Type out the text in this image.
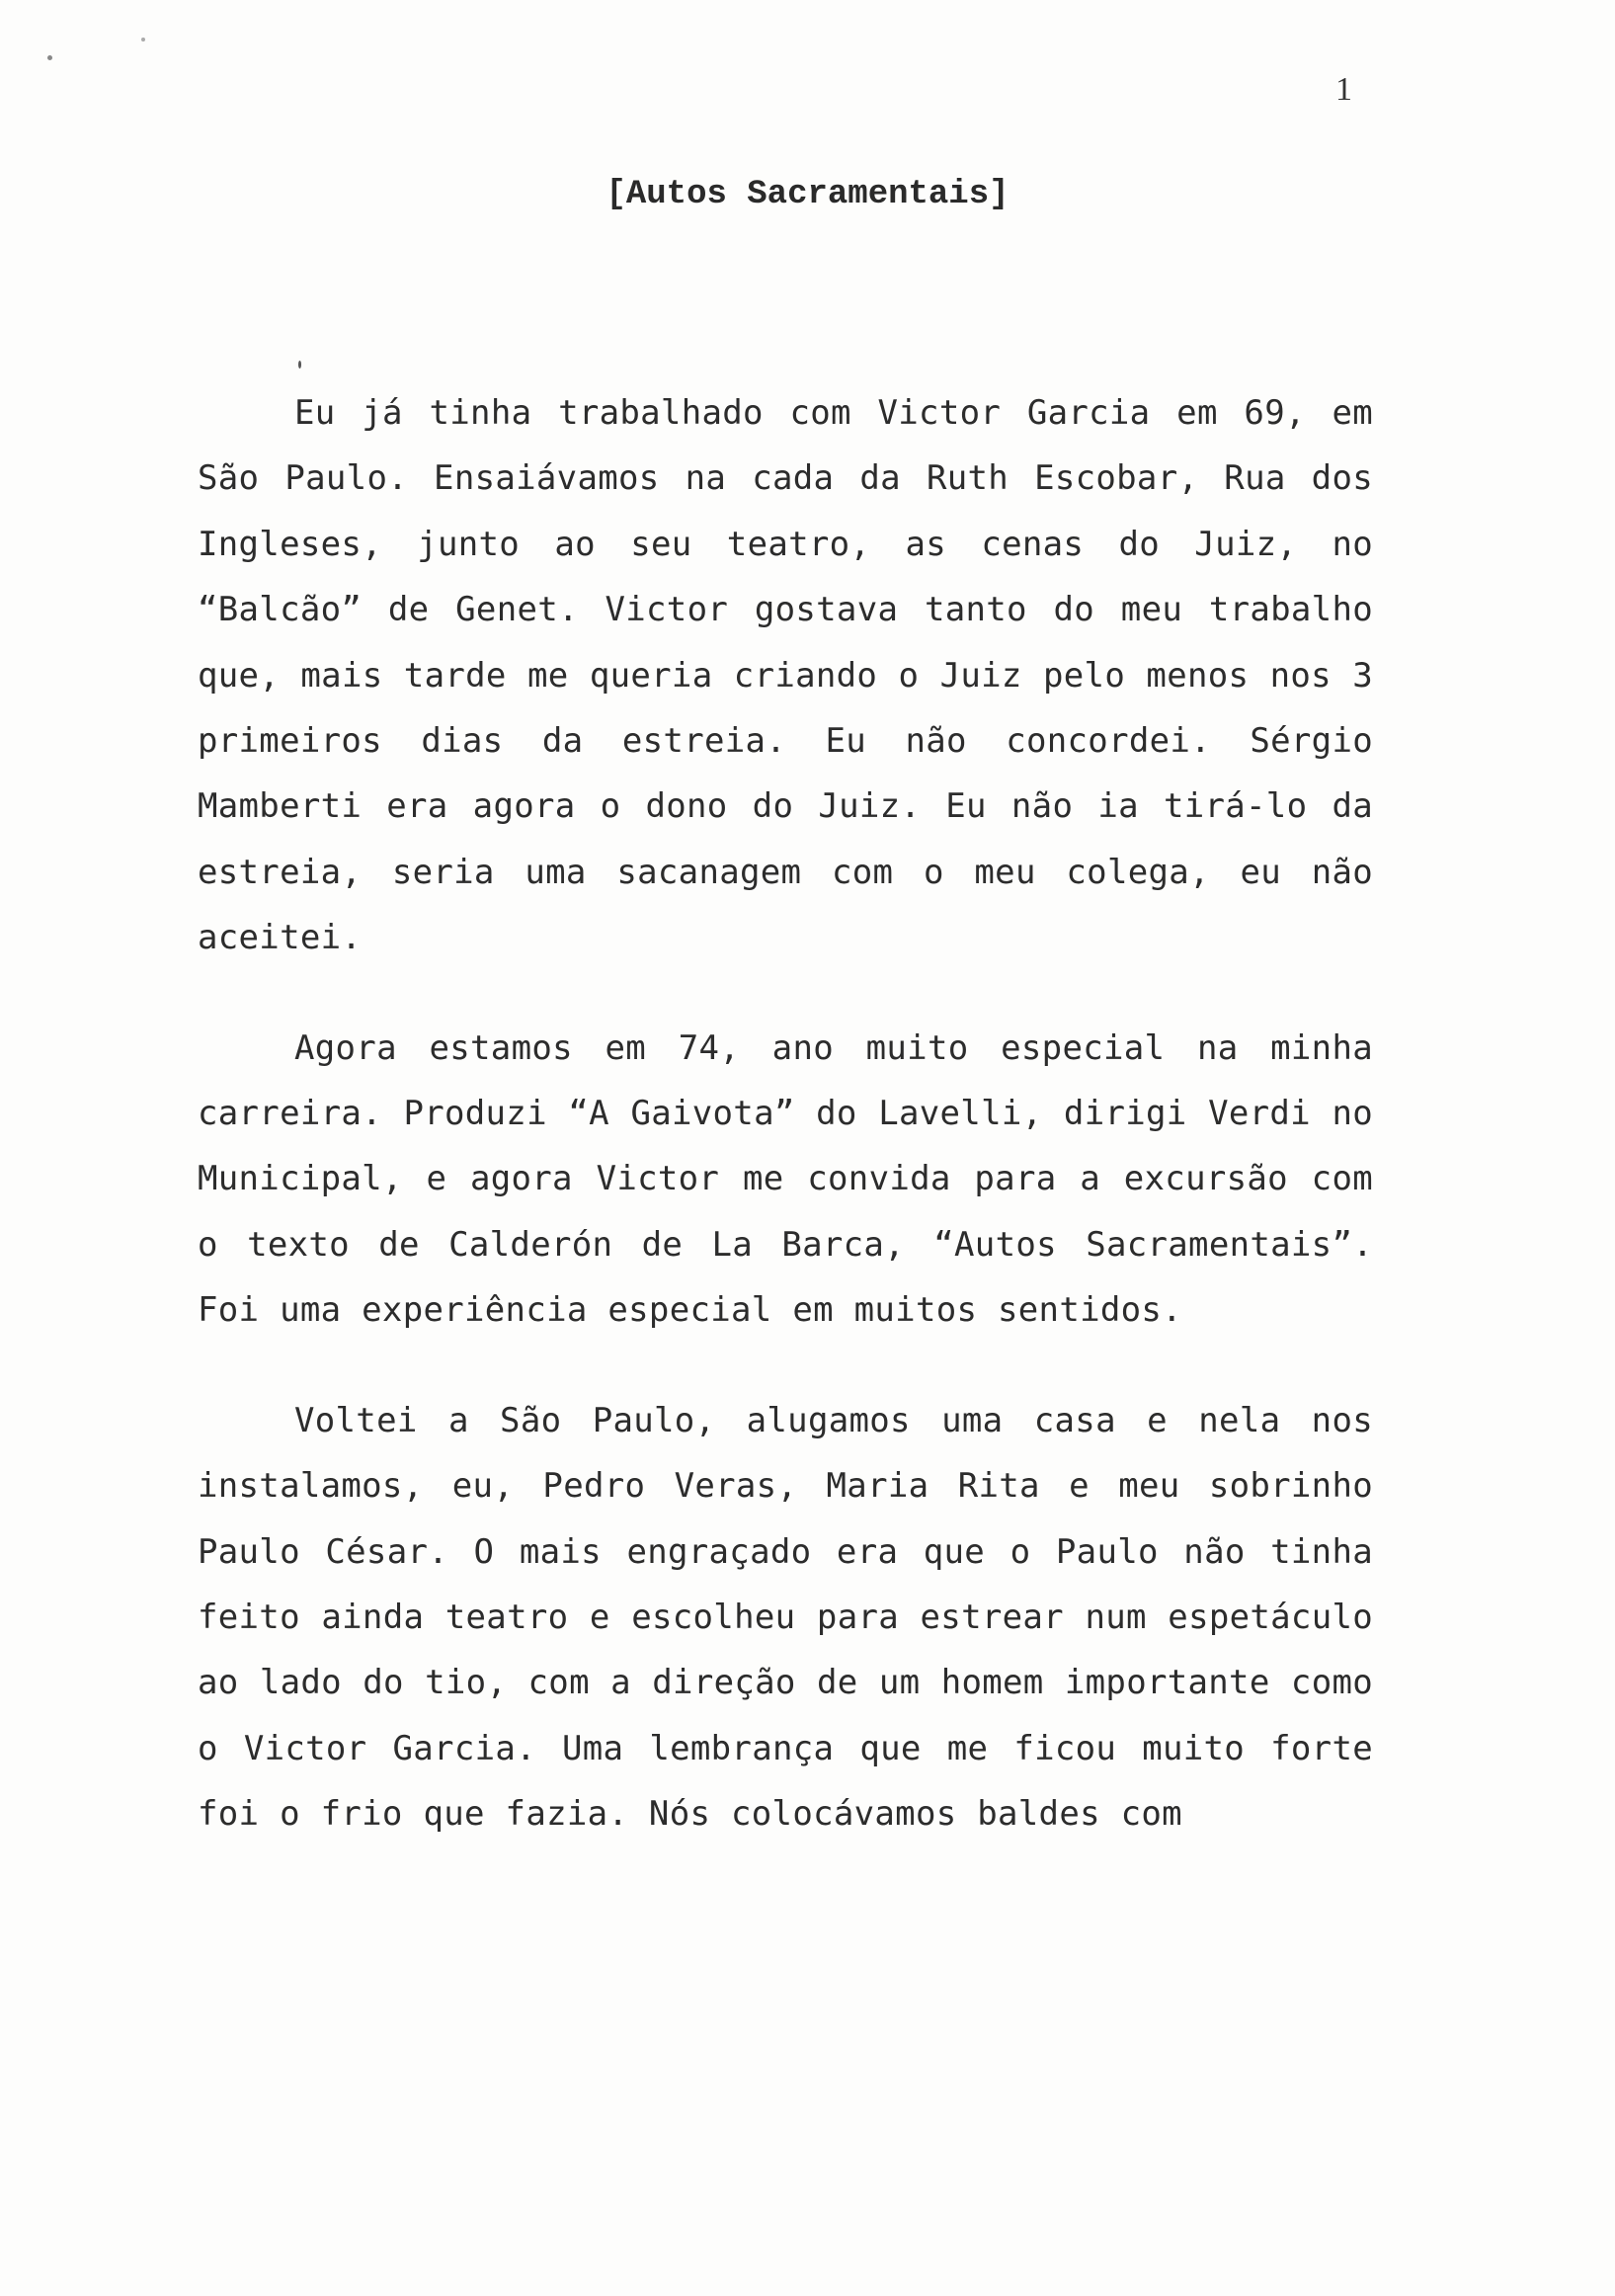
1
[Autos Sacramentais]

Eu já tinha trabalhado com Victor Garcia em 69, em São Paulo. Ensaiávamos na cada da Ruth Escobar, Rua dos Ingleses, junto ao seu teatro, as cenas do Juiz, no “Balcão” de Genet. Victor gostava tanto do meu trabalho que, mais tarde me queria criando o Juiz pelo menos nos 3 primeiros dias da estreia. Eu não concordei. Sérgio Mamberti era agora o dono do Juiz. Eu não ia tirá-lo da estreia, seria uma sacanagem com o meu colega, eu não aceitei.

Agora estamos em 74, ano muito especial na minha carreira. Produzi “A Gaivota” do Lavelli, dirigi Verdi no Municipal, e agora Victor me convida para a excursão com o texto de Calderón de La Barca, “Autos Sacramentais”. Foi uma experiência especial em muitos sentidos.

Voltei a São Paulo, alugamos uma casa e nela nos instalamos, eu, Pedro Veras, Maria Rita e meu sobrinho Paulo César. O mais engraçado era que o Paulo não tinha feito ainda teatro e escolheu para estrear num espetáculo ao lado do tio, com a direção de um homem importante como o Victor Garcia. Uma lembrança que me ficou muito forte foi o frio que fazia. Nós colocávamos baldes com
